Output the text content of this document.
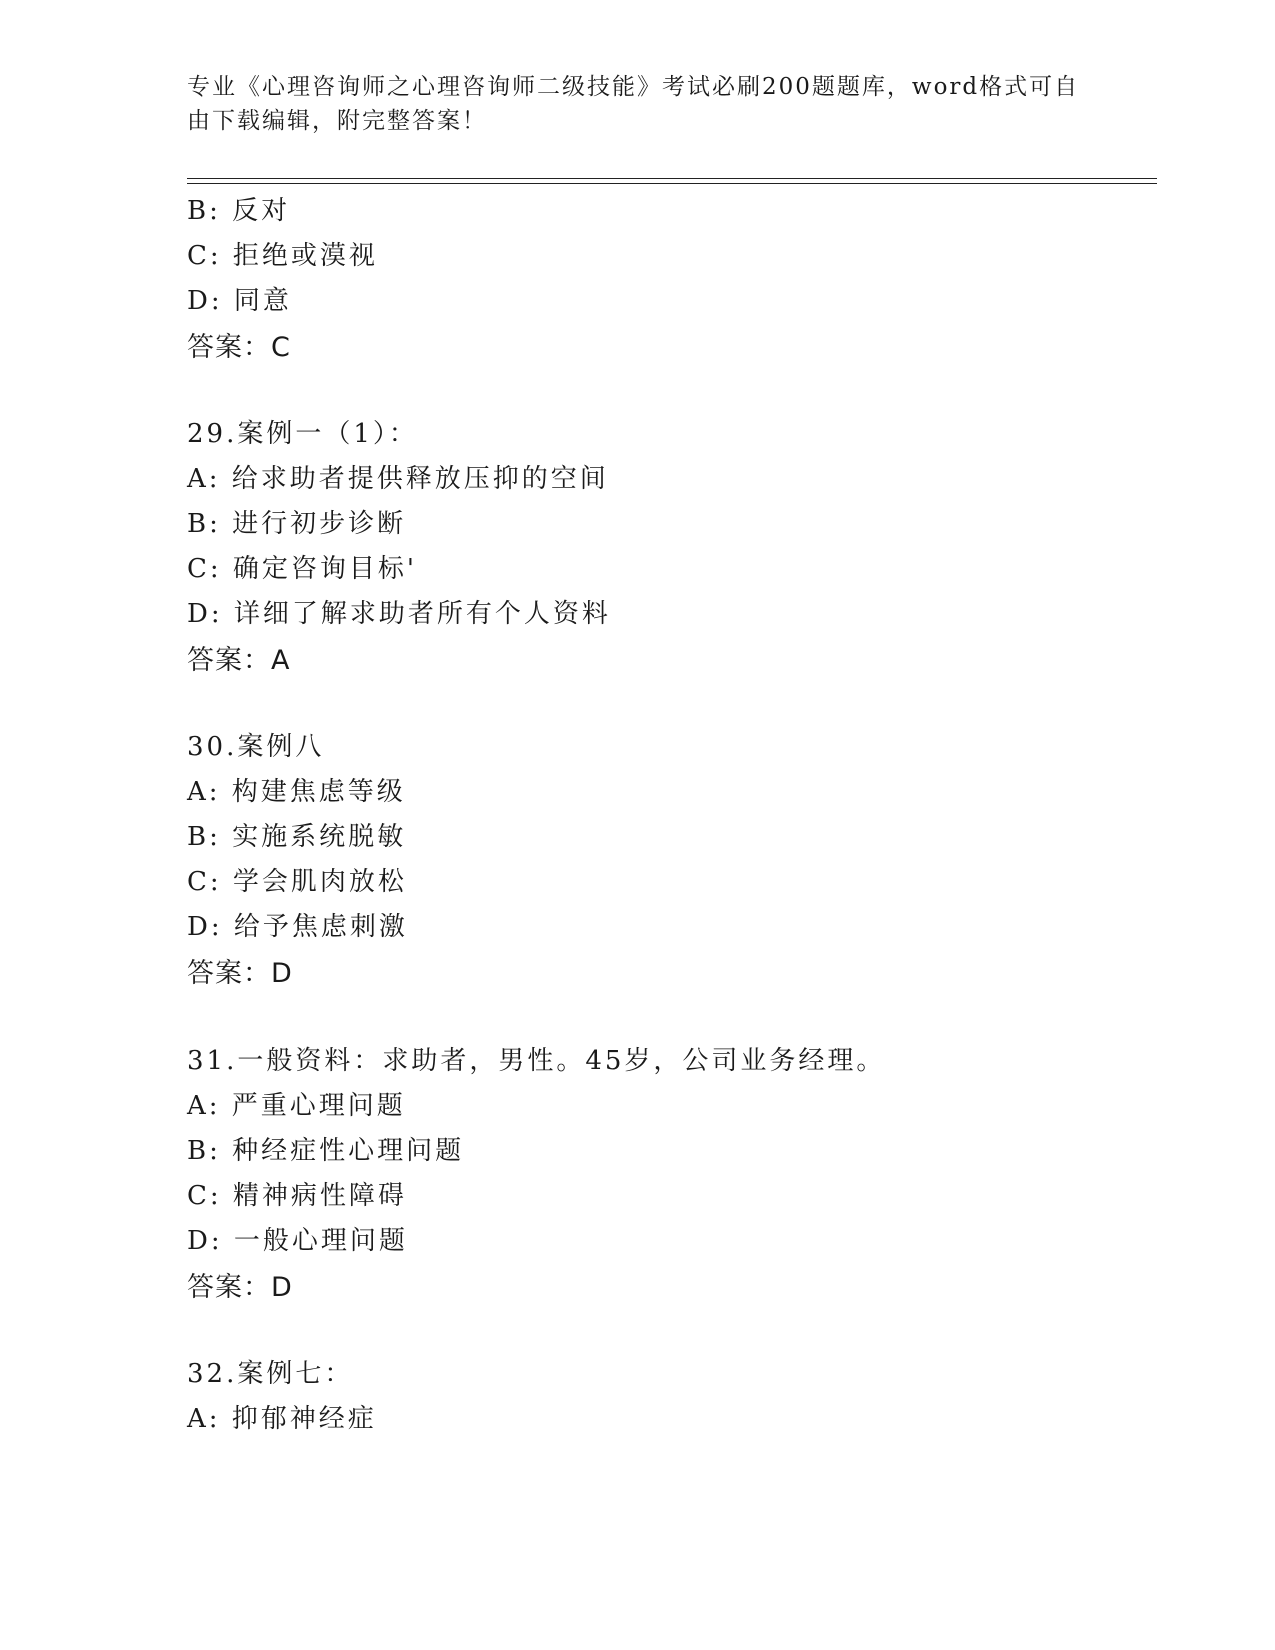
专业《心理咨询师之心理咨询师二级技能》考试必刷200题题库，word格式可自
由下载编辑，附完整答案！
B: 反对
C: 拒绝或漠视
D: 同意
答案：C
29.案例一（1）：
A: 给求助者提供释放压抑的空间
B: 进行初步诊断
C: 确定咨询目标'
D: 详细了解求助者所有个人资料
答案：A
30.案例八
A: 构建焦虑等级
B: 实施系统脱敏
C: 学会肌肉放松
D: 给予焦虑刺激
答案：D
31.一般资料：求助者，男性。45岁，公司业务经理。
A: 严重心理问题
B: 种经症性心理问题
C: 精神病性障碍
D: 一般心理问题
答案：D
32.案例七：
A: 抑郁神经症
